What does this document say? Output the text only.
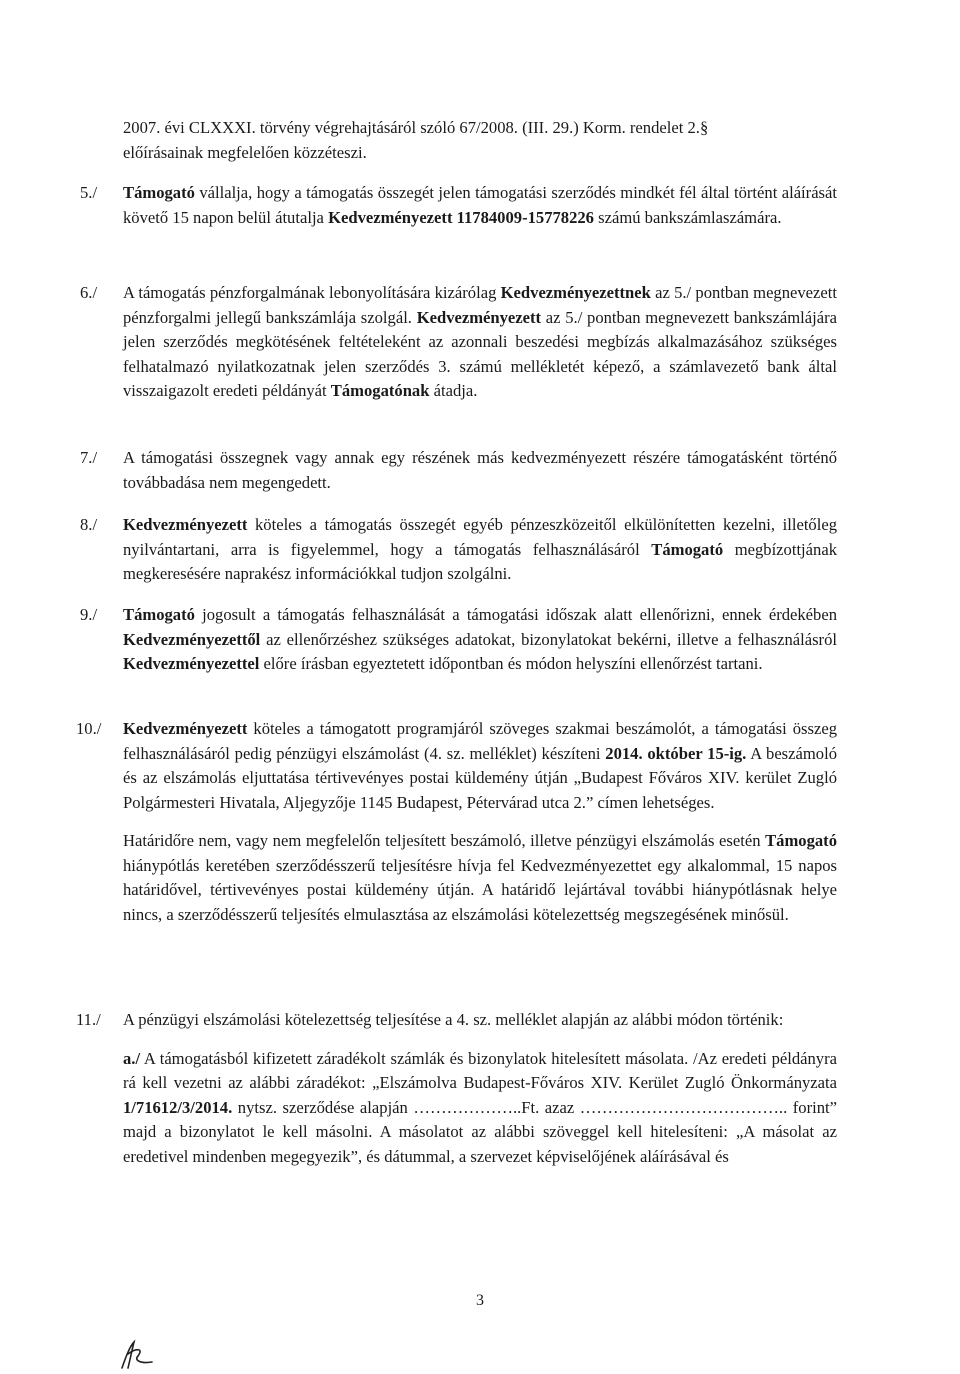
2007. évi CLXXXI. törvény végrehajtásáról szóló 67/2008. (III. 29.) Korm. rendelet 2.§
előírásainak megfelelően közzéteszi.
5./	Támogató vállalja, hogy a támogatás összegét jelen támogatási szerződés mindkét fél által történt aláírását követő 15 napon belül átutalja Kedvezményezett 11784009-15778226 számú bankszámlaszámára.

6./	A támogatás pénzforgalmának lebonyolítására kizárólag Kedvezményezettnek az 5./ pontban megnevezett pénzforgalmi jellegű bankszámlája szolgál. Kedvezményezett az 5./ pontban megnevezett bankszámlájára jelen szerződés megkötésének feltételeként az azonnali beszedési megbízás alkalmazásához szükséges felhatalmazó nyilatkozatnak jelen szerződés 3. számú mellékletét képező, a számlavezető bank által visszaigazolt eredeti példányát Támogatónak átadja.

7./	A támogatási összegnek vagy annak egy részének más kedvezményezett részére támogatásként történő továbbadása nem megengedett.

8./	Kedvezményezett köteles a támogatás összegét egyéb pénzeszközeitől elkülönítetten kezelni, illetőleg nyilvántartani, arra is figyelemmel, hogy a támogatás felhasználásáról Támogató megbízottjának megkeresésére naprakész információkkal tudjon szolgálni.

9./	Támogató jogosult a támogatás felhasználását a támogatási időszak alatt ellenőrizni, ennek érdekében Kedvezményezettől az ellenőrzéshez szükséges adatokat, bizonylatokat bekérni, illetve a felhasználásról Kedvezményezettel előre írásban egyeztetett időpontban és módon helyszíni ellenőrzést tartani.

10./	Kedvezményezett köteles a támogatott programjáról szöveges szakmai beszámolót, a támogatási összeg felhasználásáról pedig pénzügyi elszámolást (4. sz. melléklet) készíteni 2014. október 15-ig. A beszámoló és az elszámolás eljuttatása tértivevényes postai küldemény útján „Budapest Főváros XIV. kerület Zugló Polgármesteri Hivatala, Aljegyzője 1145 Budapest, Pétervárad utca 2.” címen lehetséges.

Határidőre nem, vagy nem megfelelőn teljesített beszámoló, illetve pénzügyi elszámolás esetén Támogató hiánypótlás keretében szerződésszerű teljesítésre hívja fel Kedvezményezettet egy alkalommal, 15 napos határidővel, tértivevényes postai küldemény útján. A határidő lejártával további hiánypótlásnak helye nincs, a szerződésszerű teljesítés elmulasztása az elszámolási kötelezettség megszegésének minősül.

11./	A pénzügyi elszámolási kötelezettség teljesítése a 4. sz. melléklet alapján az alábbi módon történik:

a./ A támogatásból kifizetett záradékolt számlák és bizonylatok hitelesített másolata. /Az eredeti példányra rá kell vezetni az alábbi záradékot: „Elszámolva Budapest-Főváros XIV. Kerület Zugló Önkormányzata 1/71612/3/2014. nytsz. szerződése alapján ………………..Ft. azaz ……………………………….. forint” majd a bizonylatot le kell másolni. A másolatot az alábbi szöveggel kell hitelesíteni: „A másolat az eredetivel mindenben megegyezik”, és dátummal, a szervezet képviselőjének aláírásával és

3
